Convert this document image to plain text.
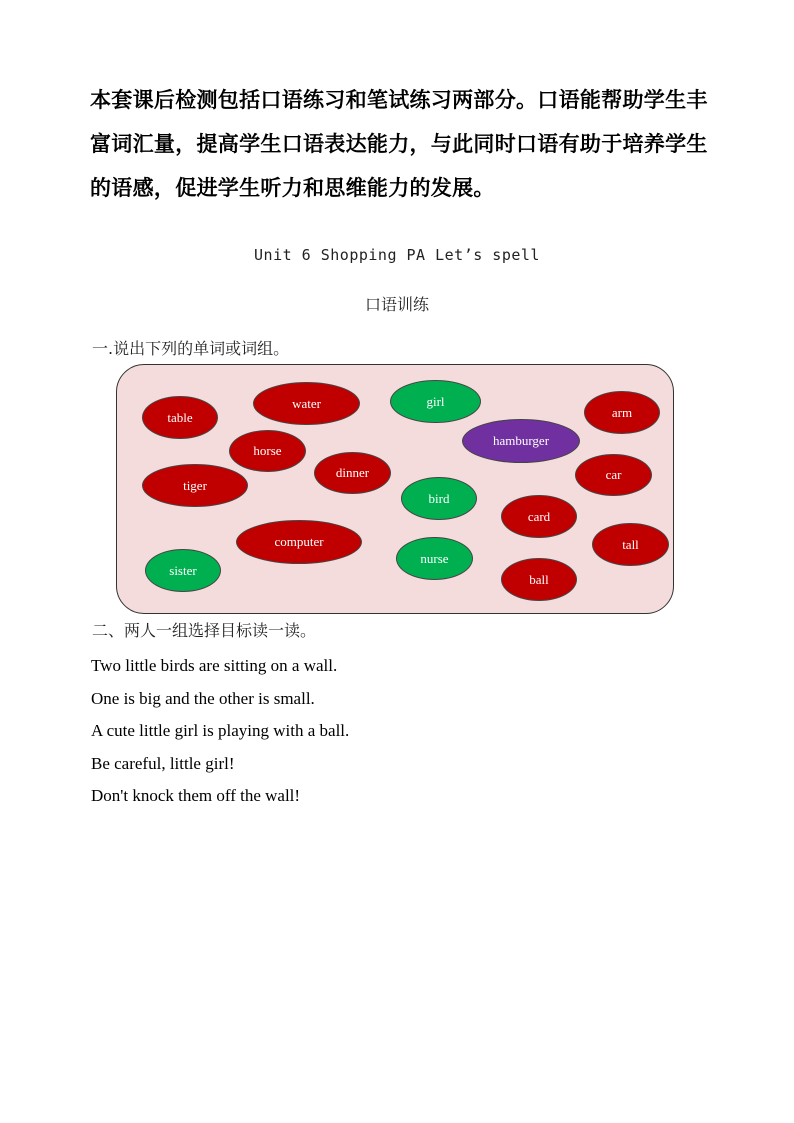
本套课后检测包括口语练习和笔试练习两部分。口语能帮助学生丰富词汇量，提高学生口语表达能力，与此同时口语有助于培养学生的语感，促进学生听力和思维能力的发展。

Unit 6 Shopping PA Let’s spell

口语训练

一.说出下列的单词或词组。

table
water	girl
arm
hamburger
horse
dinner	car
tiger
bird
card
computer	tall
sister
nurse
ball

二、两人一组选择目标读一读。

Two little birds are sitting on a wall.
One is big and the other is small.
A cute little girl is playing with a ball.
Be careful, little girl!
Don't knock them off the wall!
